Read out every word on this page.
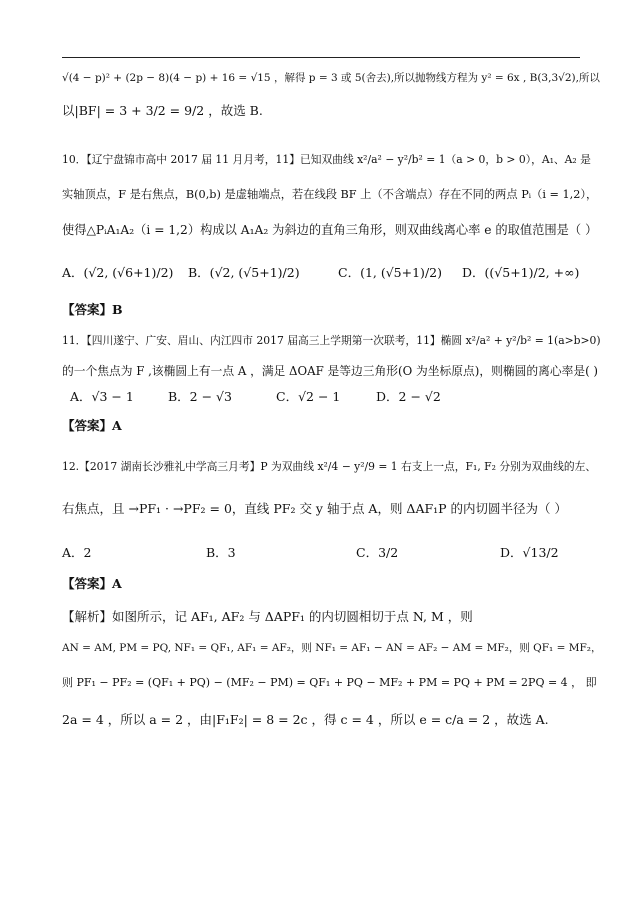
√(4 − p)² + (2p − 8)(4 − p) + 16 = √15 ，解得 p = 3 或 5(舍去),所以抛物线方程为 y² = 6x , B(3,3√2),所以
以|BF| = 3 + 3/2 = 9/2 ，故选 B.
10．【辽宁盘锦市高中 2017 届 11 月月考，11】已知双曲线 x²/a² − y²/b² = 1（a > 0，b > 0），A₁、A₂ 是
实轴顶点，F 是右焦点，B(0,b) 是虚轴端点，若在线段 BF 上（不含端点）存在不同的两点 Pᵢ（i = 1,2），
使得△PᵢA₁A₂（i = 1,2）构成以 A₁A₂ 为斜边的直角三角形，则双曲线离心率 e 的取值范围是（ ）
A．(√2, (√6+1)/2) B．(√2, (√5+1)/2)	C．(1, (√5+1)/2) D．((√5+1)/2, +∞)
【答案】B
11．【四川遂宁、广安、眉山、内江四市 2017 届高三上学期第一次联考，11】椭圆 x²/a² + y²/b² = 1(a>b>0)
的一个焦点为 F ,该椭圆上有一点 A ，满足 ΔOAF 是等边三角形(O 为坐标原点)，则椭圆的离心率是( )
A．√3 − 1	B．2 − √3	C．√2 − 1	D．2 − √2
【答案】A
12.【2017 湖南长沙雅礼中学高三月考】P 为双曲线 x²/4 − y²/9 = 1 右支上一点，F₁, F₂ 分别为双曲线的左、
右焦点，且 →PF₁ · →PF₂ = 0，直线 PF₂ 交 y 轴于点 A，则 ΔAF₁P 的内切圆半径为（ ）
A．2	B．3	C．3/2	D．√13/2
【答案】A
【解析】如图所示，记 AF₁, AF₂ 与 ΔAPF₁ 的内切圆相切于点 N, M ，则
AN = AM, PM = PQ, NF₁ = QF₁, AF₁ = AF₂，则 NF₁ = AF₁ − AN = AF₂ − AM = MF₂，则 QF₁ = MF₂，
则 PF₁ − PF₂ = (QF₁ + PQ) − (MF₂ − PM) = QF₁ + PQ − MF₂ + PM = PQ + PM = 2PQ = 4 ， 即
2a = 4 ，所以 a = 2 ，由|F₁F₂| = 8 = 2c ，得 c = 4 ，所以 e = c/a = 2 ，故选 A.
